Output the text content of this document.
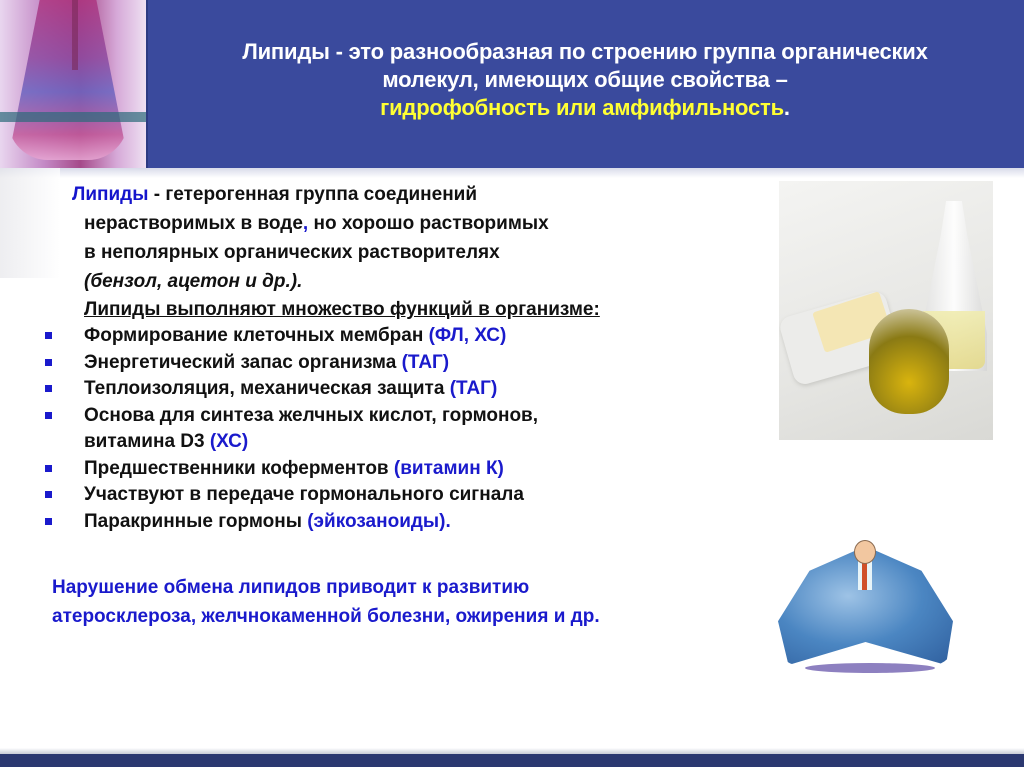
Липиды - это разнообразная по строению группа органических
молекул, имеющих общие свойства –
гидрофобность или амфифильность.
Липиды - гетерогенная группа соединений
нерастворимых в воде, но хорошо растворимых
в неполярных органических растворителях
(бензол, ацетон и др.).
Липиды выполняют множество функций в организме:
Формирование клеточных мембран (ФЛ, ХС)
Энергетический запас организма (ТАГ)
Теплоизоляция, механическая защита (ТАГ)
Основа для синтеза желчных кислот, гормонов,
витамина D3 (ХС)
Предшественники коферментов (витамин К)
Участвуют в передаче гормонального сигнала
Паракринные гормоны (эйкозаноиды).
Нарушение обмена липидов приводит к развитию
атеросклероза, желчнокаменной болезни, ожирения и др.
